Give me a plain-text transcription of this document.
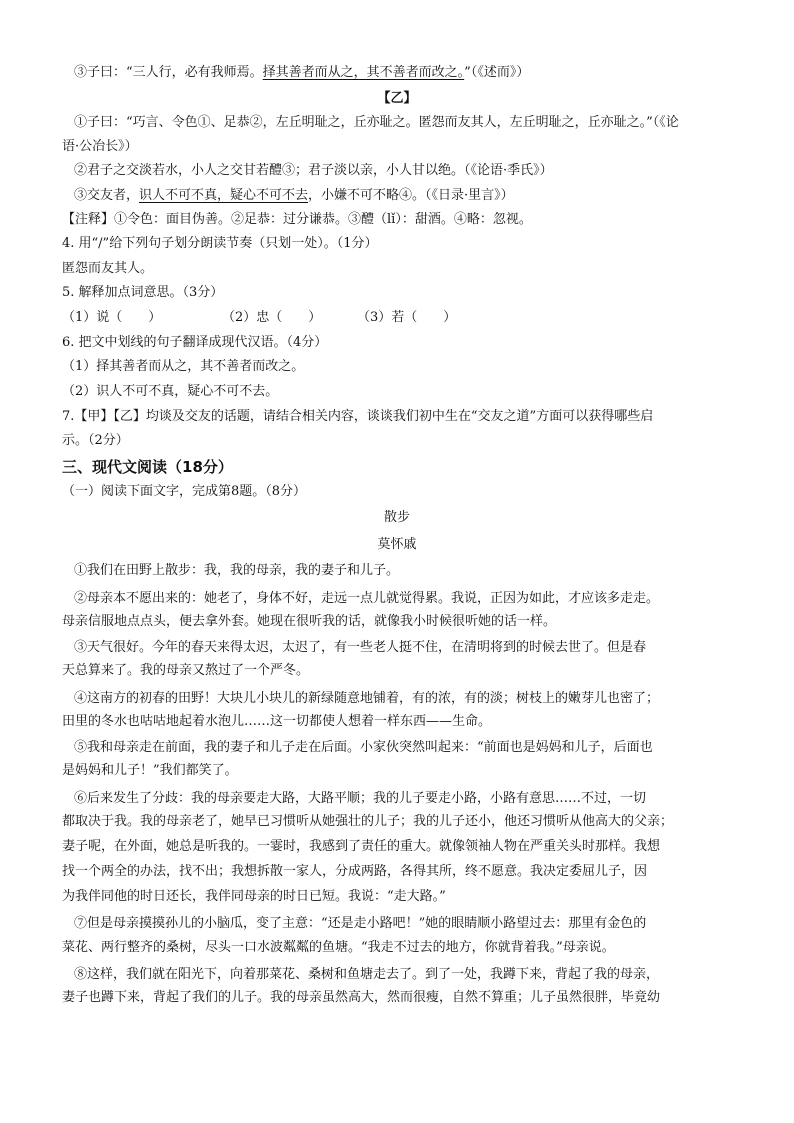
③子曰：“三人行，必有我师焉。择其善者而从之，其不善者而改之。”（《述而》）
【乙】
①子曰：“巧言、令色①、足恭②，左丘明耻之，丘亦耻之。匿怨而友其人，左丘明耻之，丘亦耻之。”（《论
语·公冶长》）
②君子之交淡若水，小人之交甘若醴③；君子淡以亲，小人甘以绝。（《论语·季氏》）
③交友者，识人不可不真，疑心不可不去，小嫌不可不略④。（《日录·里言》）
【注释】①令色：面目伪善。②足恭：过分谦恭。③醴（lǐ）：甜酒。④略：忽视。
4. 用“/”给下列句子划分朗读节奏（只划一处）。（1分）
匿怨而友其人。
5. 解释加点词意思。（3分）
（1）说（　　）	（2）忠（　　）	（3）若（　　）
6. 把文中划线的句子翻译成现代汉语。（4分）
（1）择其善者而从之，其不善者而改之。
（2）识人不可不真，疑心不可不去。
7.【甲】【乙】均谈及交友的话题，请结合相关内容，谈谈我们初中生在“交友之道”方面可以获得哪些启
示。（2分）
三、现代文阅读（18分）
（一）阅读下面文字，完成第8题。（8分）
散步
莫怀戚
①我们在田野上散步：我，我的母亲，我的妻子和儿子。
②母亲本不愿出来的：她老了，身体不好，走远一点儿就觉得累。我说，正因为如此，才应该多走走。
母亲信服地点点头，便去拿外套。她现在很听我的话，就像我小时候很听她的话一样。
③天气很好。今年的春天来得太迟，太迟了，有一些老人挺不住，在清明将到的时候去世了。但是春
天总算来了。我的母亲又熬过了一个严冬。
④这南方的初春的田野！大块儿小块儿的新绿随意地铺着，有的浓，有的淡；树枝上的嫩芽儿也密了；
田里的冬水也咕咕地起着水泡儿……这一切都使人想着一样东西——生命。
⑤我和母亲走在前面，我的妻子和儿子走在后面。小家伙突然叫起来：“前面也是妈妈和儿子，后面也
是妈妈和儿子！”我们都笑了。
⑥后来发生了分歧：我的母亲要走大路，大路平顺；我的儿子要走小路，小路有意思……不过，一切
都取决于我。我的母亲老了，她早已习惯听从她强壮的儿子；我的儿子还小，他还习惯听从他高大的父亲；
妻子呢，在外面，她总是听我的。一霎时，我感到了责任的重大。就像领袖人物在严重关头时那样。我想
找一个两全的办法，找不出；我想拆散一家人，分成两路，各得其所，终不愿意。我决定委屈儿子，因
为我伴同他的时日还长，我伴同母亲的时日已短。我说：“走大路。”
⑦但是母亲摸摸孙儿的小脑瓜，变了主意：“还是走小路吧！”她的眼睛顺小路望过去：那里有金色的
菜花、两行整齐的桑树，尽头一口水波粼粼的鱼塘。“我走不过去的地方，你就背着我。”母亲说。
⑧这样，我们就在阳光下，向着那菜花、桑树和鱼塘走去了。到了一处，我蹲下来，背起了我的母亲，
妻子也蹲下来，背起了我们的儿子。我的母亲虽然高大，然而很瘦，自然不算重；儿子虽然很胖，毕竟幼
